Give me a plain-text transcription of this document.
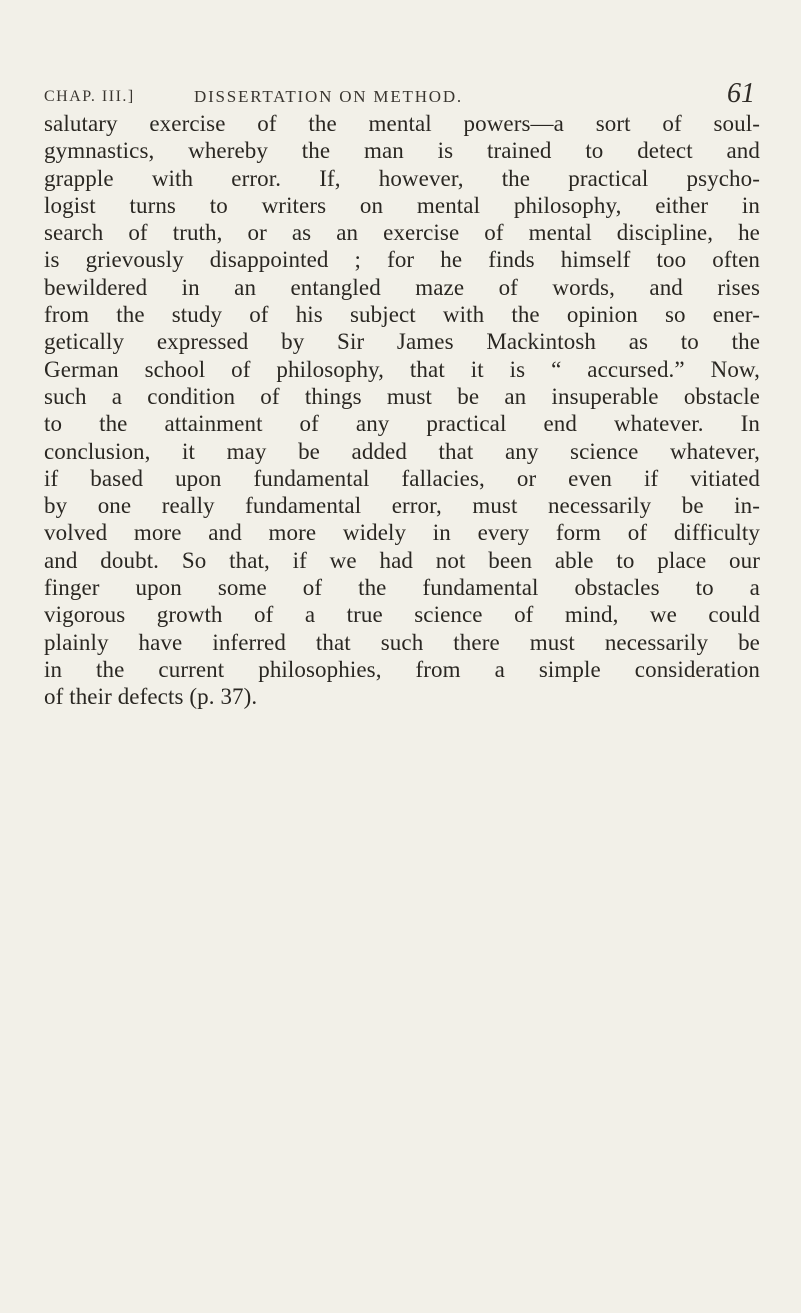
CHAP. III.]	DISSERTATION ON METHOD.	61
salutary exercise of the mental powers—a sort of soul-
gymnastics, whereby the man is trained to detect and
grapple with error. If, however, the practical psycho-
logist turns to writers on mental philosophy, either in
search of truth, or as an exercise of mental discipline, he
is grievously disappointed ; for he finds himself too often
bewildered in an entangled maze of words, and rises
from the study of his subject with the opinion so ener-
getically expressed by Sir James Mackintosh as to the
German school of philosophy, that it is “ accursed.” Now,
such a condition of things must be an insuperable obstacle
to the attainment of any practical end whatever. In
conclusion, it may be added that any science whatever,
if based upon fundamental fallacies, or even if vitiated
by one really fundamental error, must necessarily be in-
volved more and more widely in every form of difficulty
and doubt. So that, if we had not been able to place our
finger upon some of the fundamental obstacles to a
vigorous growth of a true science of mind, we could
plainly have inferred that such there must necessarily be
in the current philosophies, from a simple consideration
of their defects (p. 37).
